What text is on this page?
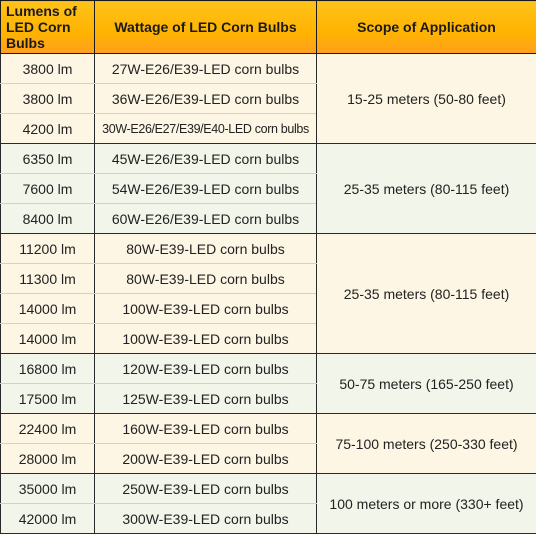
Lumens of LED Corn Bulbs	Wattage of LED Corn Bulbs	Scope of Application
3800 lm	27W-E26/E39-LED corn bulbs	15-25 meters (50-80 feet)
3800 lm	36W-E26/E39-LED corn bulbs	
4200 lm	30W-E26/E27/E39/E40-LED corn bulbs	
6350 lm	45W-E26/E39-LED corn bulbs	25-35 meters (80-115 feet)
7600 lm	54W-E26/E39-LED corn bulbs	
8400 lm	60W-E26/E39-LED corn bulbs	
11200 lm	80W-E39-LED corn bulbs	25-35 meters (80-115 feet)
11300 lm	80W-E39-LED corn bulbs	
14000 lm	100W-E39-LED corn bulbs	
14000 lm	100W-E39-LED corn bulbs	
16800 lm	120W-E39-LED corn bulbs	50-75 meters (165-250 feet)
17500 lm	125W-E39-LED corn bulbs	
22400 lm	160W-E39-LED corn bulbs	75-100 meters (250-330 feet)
28000 lm	200W-E39-LED corn bulbs	
35000 lm	250W-E39-LED corn bulbs	100 meters or more (330+ feet)
42000 lm	300W-E39-LED corn bulbs	
